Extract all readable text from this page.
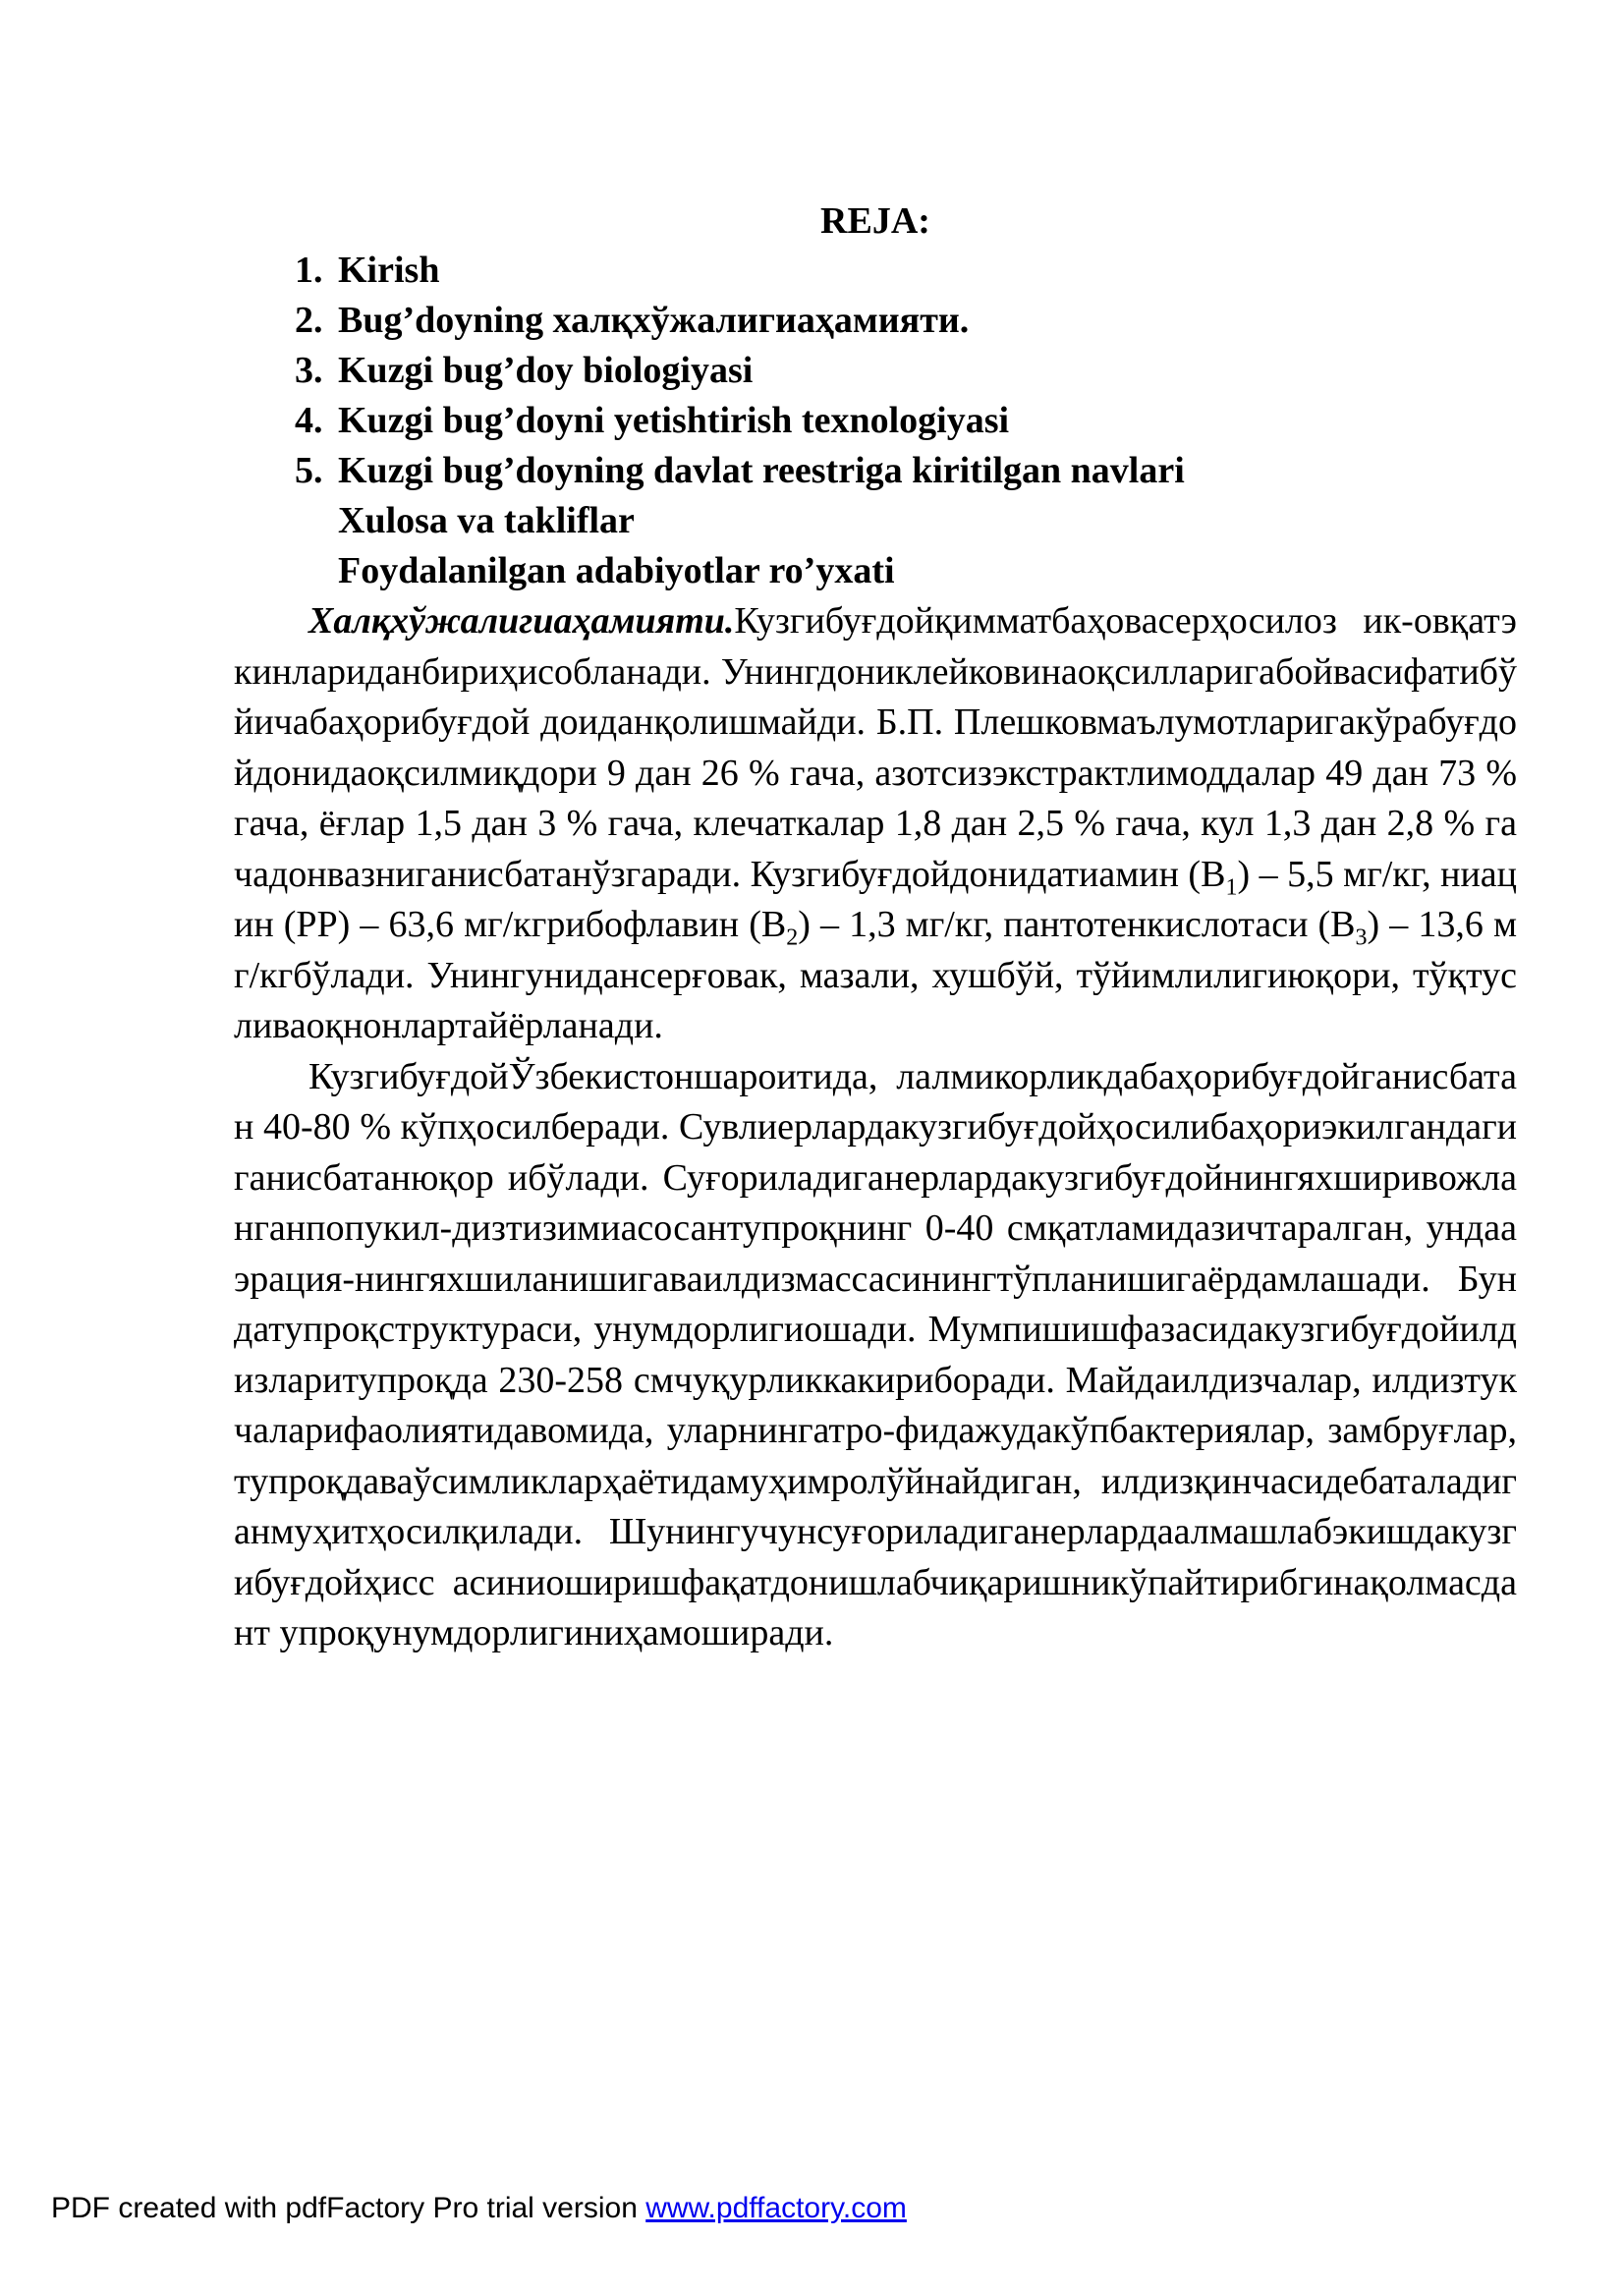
REJA:
1. Kirish
2. Bug’doyning халқхўжалигиаҳамияти.
3. Kuzgi bug’doy biologiyasi
4. Kuzgi bug’doyni yetishtirish texnologiyasi
5. Kuzgi bug’doyning davlat reestriga kiritilgan navlari
Xulosa va takliflar
Foydalanilgan adabiyotlar ro’yxati

Халқхўжалигиаҳамияти.Кузгибуғдойқимматбаҳовасерҳосилоз ик-овқатэкинлариданбириҳисобланади. Унингдониклейковинаоқсилларигабойвасифатибўйичабаҳорибуғдой доиданқолишмайди. Б.П. Плешковмаълумотларигакўрабуғдойдонидаоқсилмиқдори 9 дан 26 % гача, азотсизэкстрактлимоддалар 49 дан 73 % гача, ёғлар 1,5 дан 3 % гача, клечаткалар 1,8 дан 2,5 % гача, кул 1,3 дан 2,8 % гачадонвазниганисбатанўзгаради. Кузгибуғдойдонидатиамин $(B_1) - 5,5$ мг/кг, ниацин (PP) – 63,6 мг/кгрибофлавин $(B_2) - 1,3$ мг/кг, пантотенкислотаси $(B_3) - 13,6$ мг/кгбўлади. Унингунидансерғовак, мазали, хушбўй, тўйимлилигиюқори, тўқтусливаоқнонлартайёрланади.

КузгибуғдойЎзбекистоншароитида, лалмикорликдабаҳорибуғдойганисбатан 40-80 % кўпҳосилберади. Сувлиерлардакузгибуғдойҳосилибаҳориэкилгандагиганисбатанюқор ибўлади. Суғориладиганерлардакузгибуғдойнингяхширивожланганпопукил-дизтизимиасосантупроқнинг 0-40 смқатламидазичтаралган, ундааэрация-нингяхшиланишигаваилдизмассасинингтўпланишигаёрдамлашади. Бундатупроқструктураси, унумдорлигиошади. Мумпишишфазасидакузгибуғдойилдизларитупроқда 230-258 смчуқурликкакириборади. Майдаилдизчалар, илдизтукчаларифаолиятидавомида, уларнингатро-фидажудакўпбактериялар, замбруғлар, тупроқдаваўсимликларҳаётидамуҳимролўйнайдиган, илдизқинчасидебаталадиганмуҳитҳосилқилади. Шунингучунсуғориладиганерлардаалмашлабэкишдакузгибуғдойҳисс асиниоширишфақатдонишлабчиқаришникўпайтирибгинақолмасдант упроқунумдорлигиниҳамоширади.

PDF created with pdfFactory Pro trial version www.pdffactory.com
